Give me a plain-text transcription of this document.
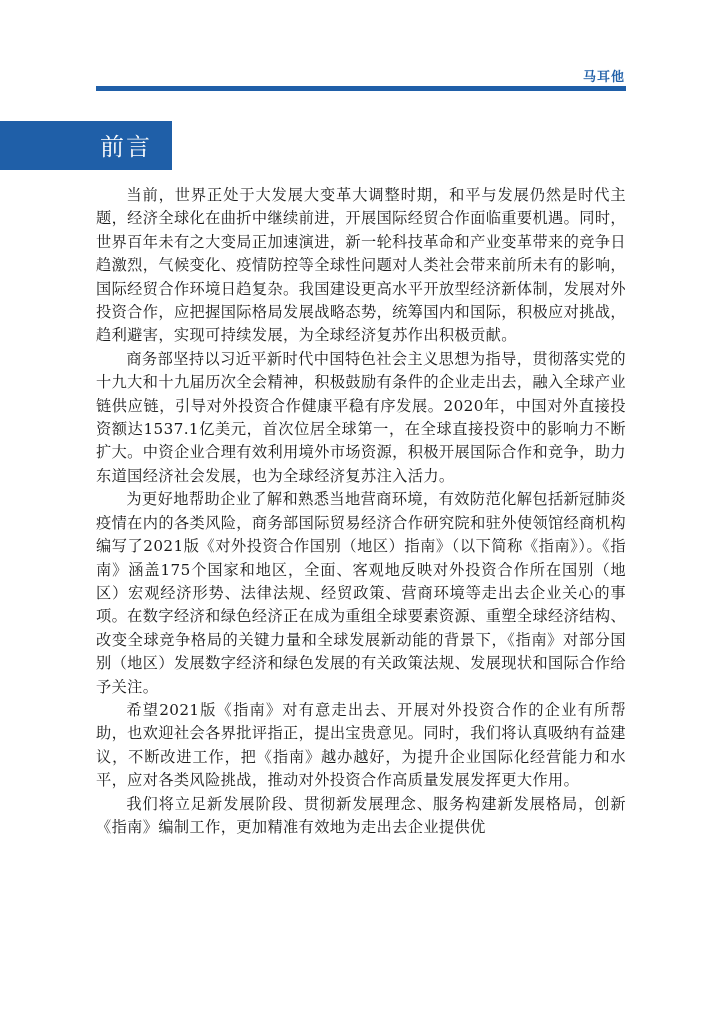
马耳他
前言

当前，世界正处于大发展大变革大调整时期，和平与发展仍然是时代主题，经济全球化在曲折中继续前进，开展国际经贸合作面临重要机遇。同时，世界百年未有之大变局正加速演进，新一轮科技革命和产业变革带来的竞争日趋激烈，气候变化、疫情防控等全球性问题对人类社会带来前所未有的影响，国际经贸合作环境日趋复杂。我国建设更高水平开放型经济新体制，发展对外投资合作，应把握国际格局发展战略态势，统筹国内和国际，积极应对挑战，趋利避害，实现可持续发展，为全球经济复苏作出积极贡献。

商务部坚持以习近平新时代中国特色社会主义思想为指导，贯彻落实党的十九大和十九届历次全会精神，积极鼓励有条件的企业走出去，融入全球产业链供应链，引导对外投资合作健康平稳有序发展。2020年，中国对外直接投资额达1537.1亿美元，首次位居全球第一，在全球直接投资中的影响力不断扩大。中资企业合理有效利用境外市场资源，积极开展国际合作和竞争，助力东道国经济社会发展，也为全球经济复苏注入活力。

为更好地帮助企业了解和熟悉当地营商环境，有效防范化解包括新冠肺炎疫情在内的各类风险，商务部国际贸易经济合作研究院和驻外使领馆经商机构编写了2021版《对外投资合作国别（地区）指南》（以下简称《指南》）。《指南》涵盖175个国家和地区，全面、客观地反映对外投资合作所在国别（地区）宏观经济形势、法律法规、经贸政策、营商环境等走出去企业关心的事项。在数字经济和绿色经济正在成为重组全球要素资源、重塑全球经济结构、改变全球竞争格局的关键力量和全球发展新动能的背景下，《指南》对部分国别（地区）发展数字经济和绿色发展的有关政策法规、发展现状和国际合作给予关注。

希望2021版《指南》对有意走出去、开展对外投资合作的企业有所帮助，也欢迎社会各界批评指正，提出宝贵意见。同时，我们将认真吸纳有益建议，不断改进工作，把《指南》越办越好，为提升企业国际化经营能力和水平，应对各类风险挑战，推动对外投资合作高质量发展发挥更大作用。

我们将立足新发展阶段、贯彻新发展理念、服务构建新发展格局，创新《指南》编制工作，更加精准有效地为走出去企业提供优
